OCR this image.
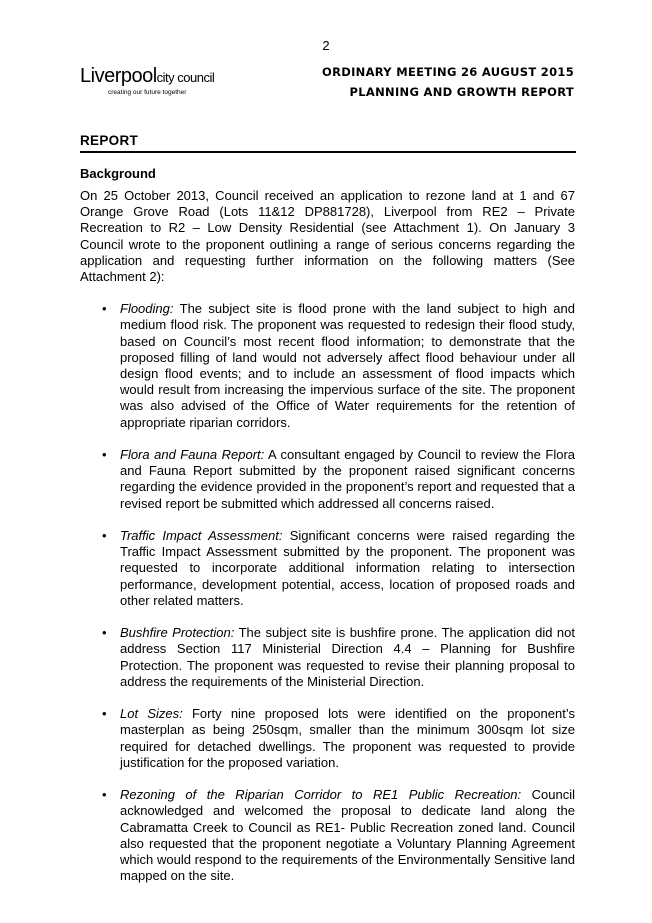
2
Liverpoolcity council
creating our future together
ORDINARY MEETING 26 AUGUST 2015
PLANNING AND GROWTH REPORT
REPORT
Background

On 25 October 2013, Council received an application to rezone land at 1 and 67 Orange Grove Road (Lots 11&12 DP881728), Liverpool from RE2 – Private Recreation to R2 – Low Density Residential (see Attachment 1). On January 3 Council wrote to the proponent outlining a range of serious concerns regarding the application and requesting further information on the following matters (See Attachment 2):

• Flooding: The subject site is flood prone with the land subject to high and medium flood risk. The proponent was requested to redesign their flood study, based on Council’s most recent flood information; to demonstrate that the proposed filling of land would not adversely affect flood behaviour under all design flood events; and to include an assessment of flood impacts which would result from increasing the impervious surface of the site. The proponent was also advised of the Office of Water requirements for the retention of appropriate riparian corridors.
• Flora and Fauna Report: A consultant engaged by Council to review the Flora and Fauna Report submitted by the proponent raised significant concerns regarding the evidence provided in the proponent’s report and requested that a revised report be submitted which addressed all concerns raised.
• Traffic Impact Assessment: Significant concerns were raised regarding the Traffic Impact Assessment submitted by the proponent. The proponent was requested to incorporate additional information relating to intersection performance, development potential, access, location of proposed roads and other related matters.
• Bushfire Protection: The subject site is bushfire prone. The application did not address Section 117 Ministerial Direction 4.4 – Planning for Bushfire Protection. The proponent was requested to revise their planning proposal to address the requirements of the Ministerial Direction.
• Lot Sizes: Forty nine proposed lots were identified on the proponent’s masterplan as being 250sqm, smaller than the minimum 300sqm lot size required for detached dwellings. The proponent was requested to provide justification for the proposed variation.
• Rezoning of the Riparian Corridor to RE1 Public Recreation: Council acknowledged and welcomed the proposal to dedicate land along the Cabramatta Creek to Council as RE1- Public Recreation zoned land. Council also requested that the proponent negotiate a Voluntary Planning Agreement which would respond to the requirements of the Environmentally Sensitive land mapped on the site.
